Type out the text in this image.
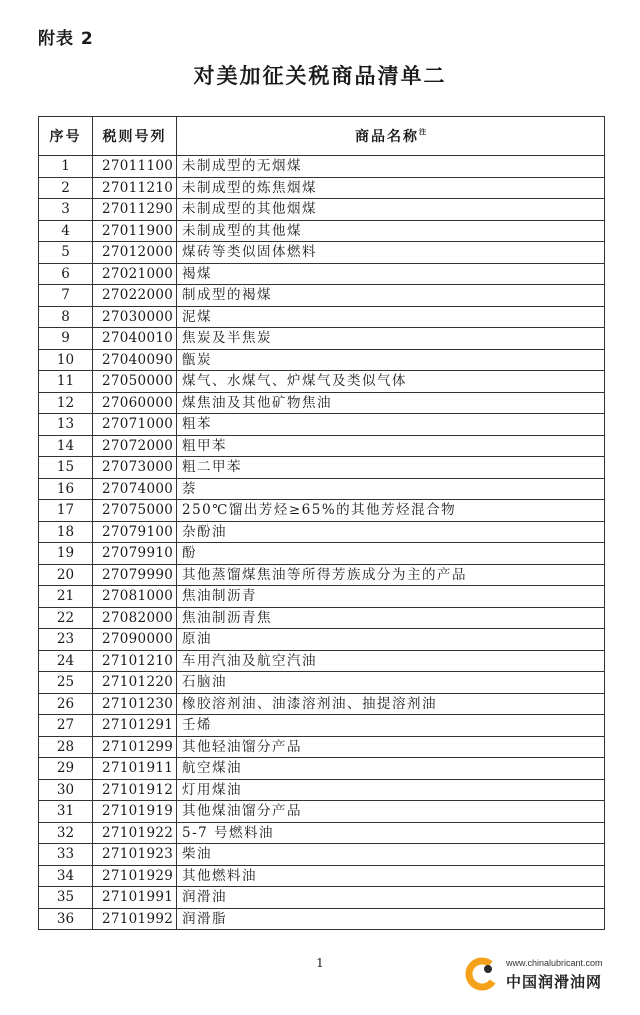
附表 2
对美加征关税商品清单二
序号	税则号列	商品名称$^注$
1	27011100	未制成型的无烟煤
2	27011210	未制成型的炼焦烟煤
3	27011290	未制成型的其他烟煤
4	27011900	未制成型的其他煤
5	27012000	煤砖等类似固体燃料
6	27021000	褐煤
7	27022000	制成型的褐煤
8	27030000	泥煤
9	27040010	焦炭及半焦炭
10	27040090	甑炭
11	27050000	煤气、水煤气、炉煤气及类似气体
12	27060000	煤焦油及其他矿物焦油
13	27071000	粗苯
14	27072000	粗甲苯
15	27073000	粗二甲苯
16	27074000	萘
17	27075000	250℃馏出芳烃≥65%的其他芳烃混合物
18	27079100	杂酚油
19	27079910	酚
20	27079990	其他蒸馏煤焦油等所得芳族成分为主的产品
21	27081000	焦油制沥青
22	27082000	焦油制沥青焦
23	27090000	原油
24	27101210	车用汽油及航空汽油
25	27101220	石脑油
26	27101230	橡胶溶剂油、油漆溶剂油、抽提溶剂油
27	27101291	壬烯
28	27101299	其他轻油馏分产品
29	27101911	航空煤油
30	27101912	灯用煤油
31	27101919	其他煤油馏分产品
32	27101922	5-7 号燃料油
33	27101923	柴油
34	27101929	其他燃料油
35	27101991	润滑油
36	27101992	润滑脂
1	www.chinalubricant.com
中国润滑油网
